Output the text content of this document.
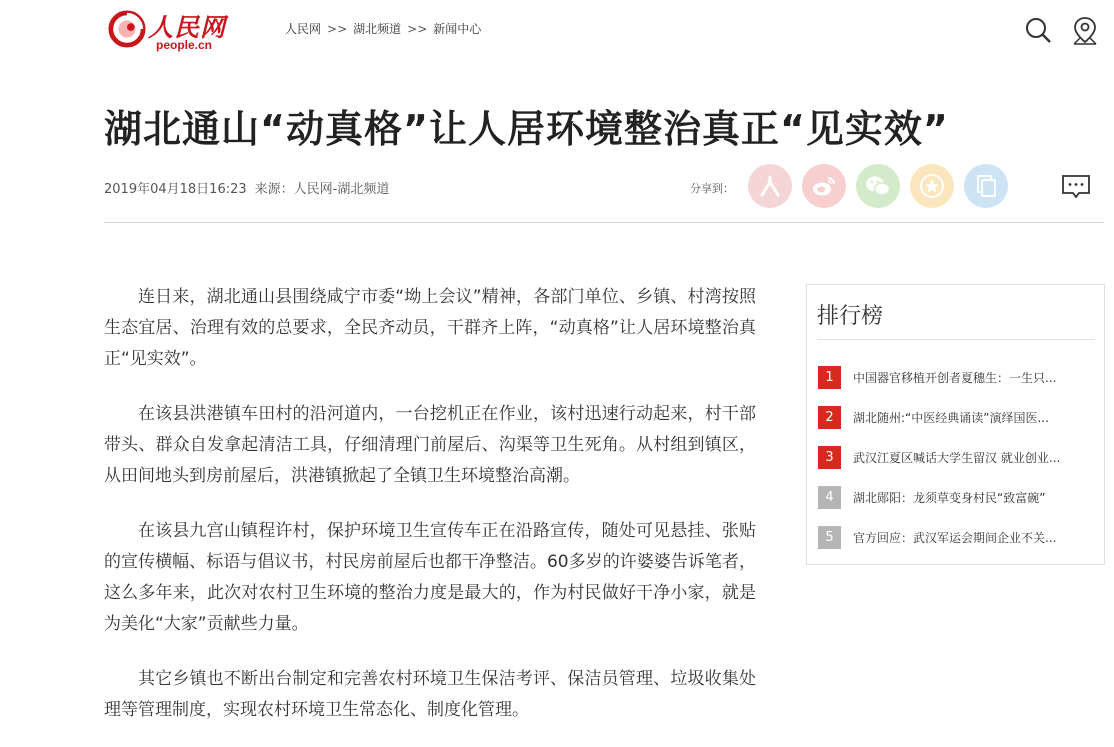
人民网
people.cn
人民网 >> 湖北频道 >> 新闻中心
湖北通山“动真格”让人居环境整治真正“见实效”
2019年04月18日16:23 来源：人民网-湖北频道	分享到：

连日来，湖北通山县围绕咸宁市委“坳上会议”精神，各部门单位、乡镇、村湾按照生态宜居、治理有效的总要求，全民齐动员，干群齐上阵，“动真格”让人居环境整治真正“见实效”。

在该县洪港镇车田村的沿河道内，一台挖机正在作业，该村迅速行动起来，村干部带头、群众自发拿起清洁工具，仔细清理门前屋后、沟渠等卫生死角。从村组到镇区，从田间地头到房前屋后，洪港镇掀起了全镇卫生环境整治高潮。

在该县九宫山镇程许村，保护环境卫生宣传车正在沿路宣传，随处可见悬挂、张贴的宣传横幅、标语与倡议书，村民房前屋后也都干净整洁。60多岁的许婆婆告诉笔者，这么多年来，此次对农村卫生环境的整治力度是最大的，作为村民做好干净小家，就是为美化“大家”贡献些力量。

其它乡镇也不断出台制定和完善农村环境卫生保洁考评、保洁员管理、垃圾收集处理等管理制度，实现农村环境卫生常态化、制度化管理。

排行榜
1	中国器官移植开创者夏穗生：一生只...
2	湖北随州:“中医经典诵读”演绎国医...
3	武汉江夏区喊话大学生留汉 就业创业...
4	湖北郧阳：龙须草变身村民“致富碗”
5	官方回应：武汉军运会期间企业不关...
